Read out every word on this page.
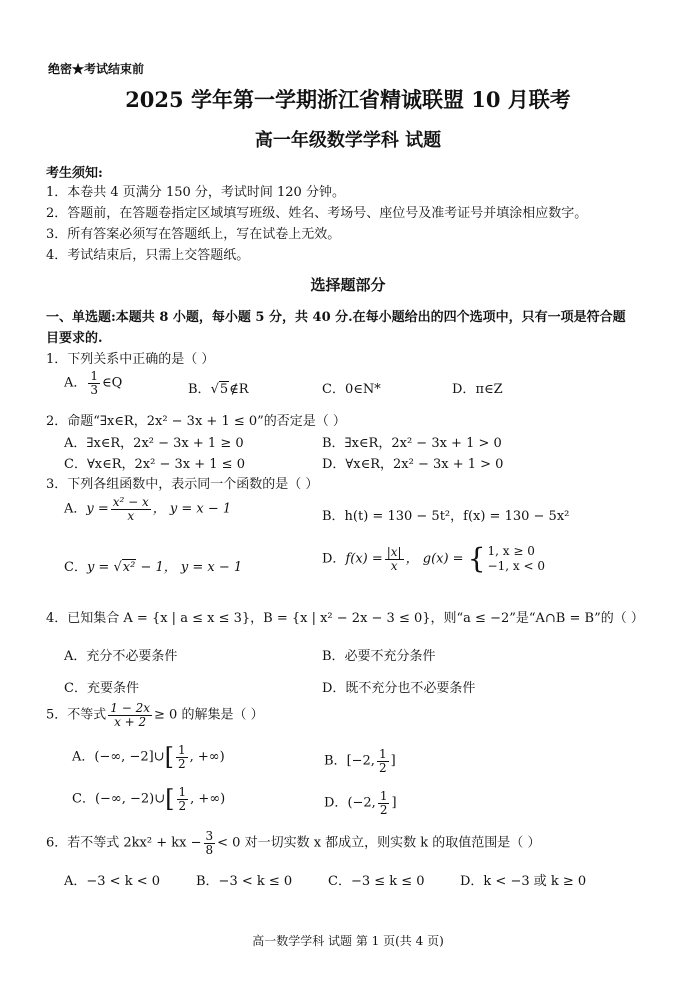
绝密★考试结束前
2025 学年第一学期浙江省精诚联盟 10 月联考
高一年级数学学科 试题
考生须知:
1．本卷共 4 页满分 150 分，考试时间 120 分钟。
2．答题前，在答题卷指定区域填写班级、姓名、考场号、座位号及准考证号并填涂相应数字。
3．所有答案必须写在答题纸上，写在试卷上无效。
4．考试结束后，只需上交答题纸。
选择题部分
一、单选题:本题共 8 小题，每小题 5 分，共 40 分.在每小题给出的四个选项中，只有一项是符合题
目要求的.
1．下列关系中正确的是（ ）
A． $\frac{1}{3}$ ∈Q	B．√5∉R	C．0∈N*	D．π∈Z
2．命题“∃x∈R，2x² − 3x + 1 ≤ 0”的否定是（ ）
A．∃x∈R，2x² − 3x + 1 ≥ 0	B．∃x∈R，2x² − 3x + 1 > 0
C．∀x∈R，2x² − 3x + 1 ≤ 0	D．∀x∈R，2x² − 3x + 1 > 0
3．下列各组函数中，表示同一个函数的是（ ）
A．$y = \frac{\text{x² − x}}{x}$ ， y = x − 1	B．h(t) = 130 − 5t²，f(x) = 130 − 5x²
C．y = √x² − 1， y = x − 1
D．$f(x) = \frac{|x|}{x}$ ， g(x) = { 1, x ≥ 0
−1, x < 0
4．已知集合 A = {x | a ≤ x ≤ 3}，B = {x | x² − 2x − 3 ≤ 0}，则“a ≤ −2”是“A∩B = B”的（ ）
A．充分不必要条件	B．必要不充分条件
C．充要条件	D．既不充分也不必要条件
5．不等式 $\frac{1 - 2x}{x + 2} \ge 0$ 的解集是（ ）
A．(−∞, −2]∪[ $\frac{1}{2}$ , +∞)	B．[−2, $\frac{1}{2}$ ]
C．(−∞, −2)∪[ $\frac{1}{2}$ , +∞)	D．(−2, $\frac{1}{2}$ ]
6．若不等式 2kx² + kx − $\frac{3}{8} < 0$ 对一切实数 x 都成立，则实数 k 的取值范围是（ ）
A．−3 < k < 0	B．−3 < k ≤ 0	C．−3 ≤ k ≤ 0	D．k < −3 或 k ≥ 0
高一数学学科 试题 第 1 页(共 4 页)
